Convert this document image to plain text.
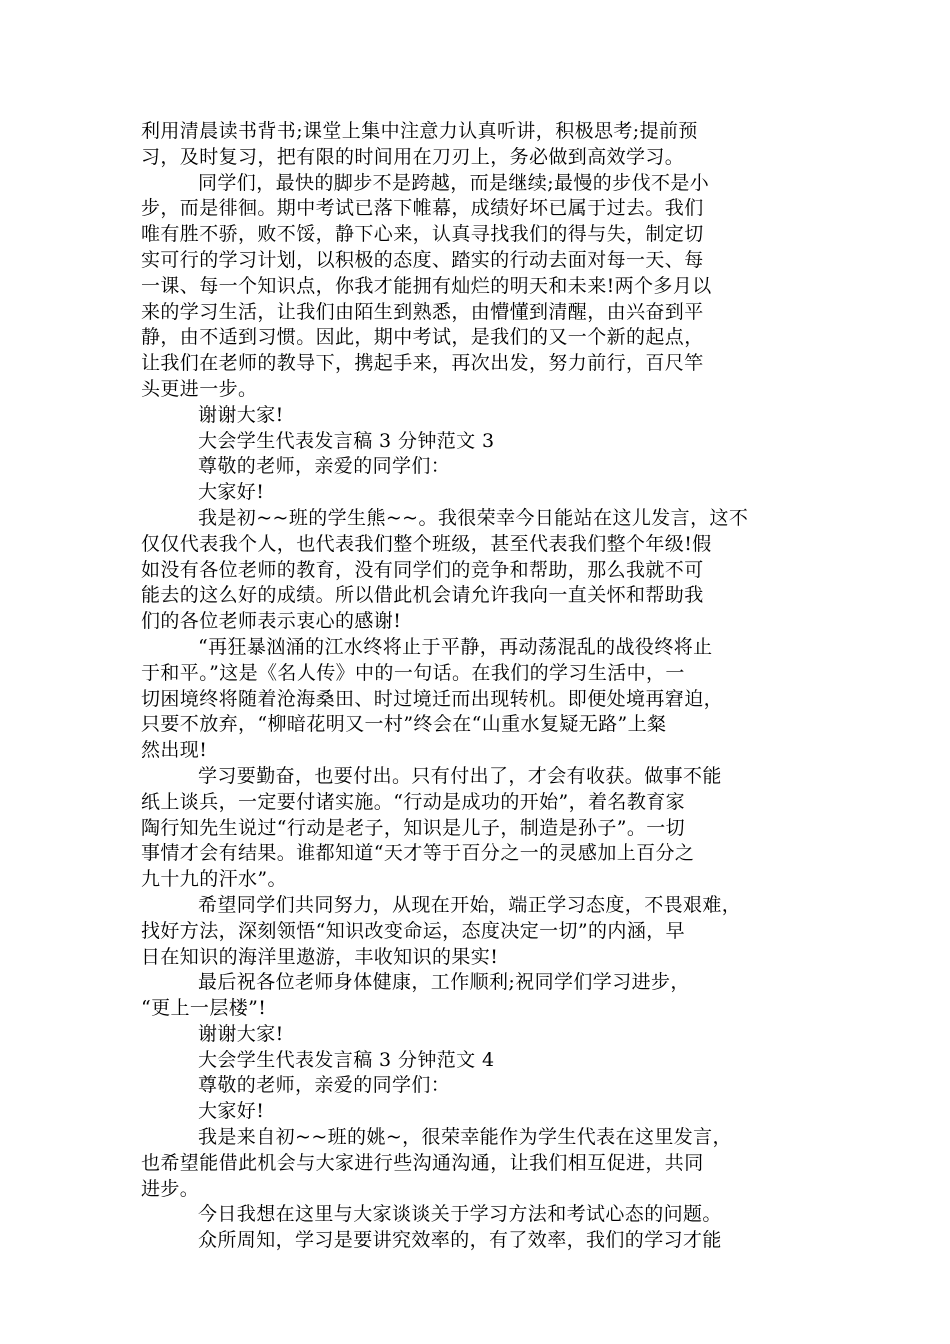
利用清晨读书背书;课堂上集中注意力认真听讲，积极思考;提前预
习，及时复习，把有限的时间用在刀刃上，务必做到高效学习。
同学们，最快的脚步不是跨越，而是继续;最慢的步伐不是小
步，而是徘徊。期中考试已落下帷幕，成绩好坏已属于过去。我们
唯有胜不骄，败不馁，静下心来，认真寻找我们的得与失，制定切
实可行的学习计划，以积极的态度、踏实的行动去面对每一天、每
一课、每一个知识点，你我才能拥有灿烂的明天和未来!两个多月以
来的学习生活，让我们由陌生到熟悉，由懵懂到清醒，由兴奋到平
静，由不适到习惯。因此，期中考试，是我们的又一个新的起点，
让我们在老师的教导下，携起手来，再次出发，努力前行，百尺竿
头更进一步。
谢谢大家!
大会学生代表发言稿 3 分钟范文 3
尊敬的老师，亲爱的同学们：
大家好!
我是初~~班的学生熊~~。我很荣幸今日能站在这儿发言，这不
仅仅代表我个人，也代表我们整个班级，甚至代表我们整个年级!假
如没有各位老师的教育，没有同学们的竞争和帮助，那么我就不可
能去的这么好的成绩。所以借此机会请允许我向一直关怀和帮助我
们的各位老师表示衷心的感谢!
“再狂暴汹涌的江水终将止于平静，再动荡混乱的战役终将止
于和平。”这是《名人传》中的一句话。在我们的学习生活中，一
切困境终将随着沧海桑田、时过境迁而出现转机。即便处境再窘迫，
只要不放弃，“柳暗花明又一村”终会在“山重水复疑无路”上粲
然出现!
学习要勤奋，也要付出。只有付出了，才会有收获。做事不能
纸上谈兵，一定要付诸实施。“行动是成功的开始”，着名教育家
陶行知先生说过“行动是老子，知识是儿子，制造是孙子”。一切
事情才会有结果。谁都知道“天才等于百分之一的灵感加上百分之
九十九的汗水”。
希望同学们共同努力，从现在开始，端正学习态度，不畏艰难，
找好方法，深刻领悟“知识改变命运，态度决定一切”的内涵，早
日在知识的海洋里遨游，丰收知识的果实!
最后祝各位老师身体健康，工作顺利;祝同学们学习进步，
“更上一层楼”!
谢谢大家!
大会学生代表发言稿 3 分钟范文 4
尊敬的老师，亲爱的同学们：
大家好!
我是来自初~~班的姚~，很荣幸能作为学生代表在这里发言，
也希望能借此机会与大家进行些沟通沟通，让我们相互促进，共同
进步。
今日我想在这里与大家谈谈关于学习方法和考试心态的问题。
众所周知，学习是要讲究效率的，有了效率，我们的学习才能
